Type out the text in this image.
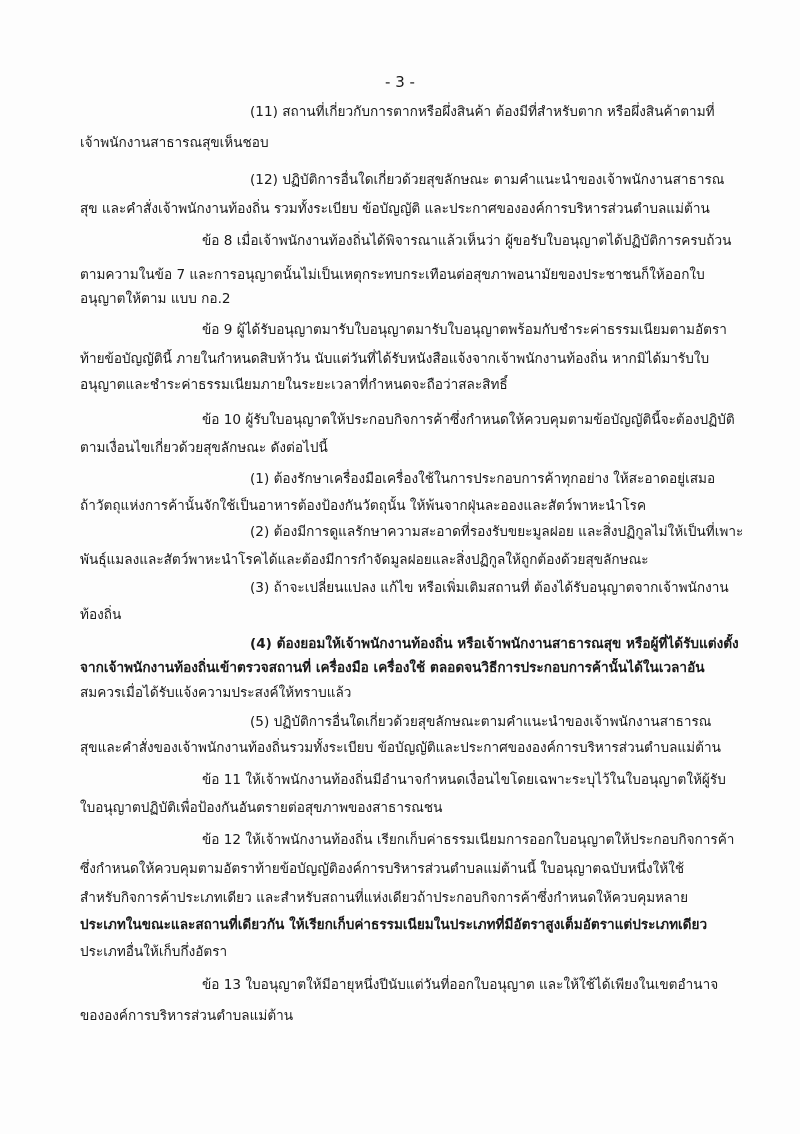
- 3 -
(11) สถานที่เกี่ยวกับการตากหรือผึ่งสินค้า ต้องมีที่สำหรับตาก หรือผึ่งสินค้าตามที่
เจ้าพนักงานสาธารณสุขเห็นชอบ
(12) ปฏิบัติการอื่นใดเกี่ยวด้วยสุขลักษณะ ตามคำแนะนำของเจ้าพนักงานสาธารณ
สุข และคำสั่งเจ้าพนักงานท้องถิ่น รวมทั้งระเบียบ ข้อบัญญัติ และประกาศขององค์การบริหารส่วนตำบลแม่ต้าน
ข้อ 8 เมื่อเจ้าพนักงานท้องถิ่นได้พิจารณาแล้วเห็นว่า ผู้ขอรับใบอนุญาตได้ปฏิบัติการครบถ้วน
ตามความในข้อ 7 และการอนุญาตนั้นไม่เป็นเหตุกระทบกระเทือนต่อสุขภาพอนามัยของประชาชนก็ให้ออกใบ
อนุญาตให้ตาม แบบ กอ.2
ข้อ 9 ผู้ได้รับอนุญาตมารับใบอนุญาตมารับใบอนุญาตพร้อมกับชำระค่าธรรมเนียมตามอัตรา
ท้ายข้อบัญญัตินี้ ภายในกำหนดสิบห้าวัน นับแต่วันที่ได้รับหนังสือแจ้งจากเจ้าพนักงานท้องถิ่น หากมิได้มารับใบ
อนุญาตและชำระค่าธรรมเนียมภายในระยะเวลาที่กำหนดจะถือว่าสละสิทธิ์
ข้อ 10 ผู้รับใบอนุญาตให้ประกอบกิจการค้าซึ่งกำหนดให้ควบคุมตามข้อบัญญัตินี้จะต้องปฏิบัติ
ตามเงื่อนไขเกี่ยวด้วยสุขลักษณะ ดังต่อไปนี้
(1) ต้องรักษาเครื่องมือเครื่องใช้ในการประกอบการค้าทุกอย่าง ให้สะอาดอยู่เสมอ
ถ้าวัตถุแห่งการค้านั้นจักใช้เป็นอาหารต้องป้องกันวัตถุนั้น ให้พ้นจากฝุ่นละอองและสัตว์พาหะนำโรค
(2) ต้องมีการดูแลรักษาความสะอาดที่รองรับขยะมูลฝอย และสิ่งปฏิกูลไม่ให้เป็นที่เพาะ
พันธุ์แมลงและสัตว์พาหะนำโรคได้และต้องมีการกำจัดมูลฝอยและสิ่งปฏิกูลให้ถูกต้องด้วยสุขลักษณะ
(3) ถ้าจะเปลี่ยนแปลง แก้ไข หรือเพิ่มเติมสถานที่ ต้องได้รับอนุญาตจากเจ้าพนักงาน
ท้องถิ่น
(4) ต้องยอมให้เจ้าพนักงานท้องถิ่น หรือเจ้าพนักงานสาธารณสุข หรือผู้ที่ได้รับแต่งตั้ง
จากเจ้าพนักงานท้องถิ่นเข้าตรวจสถานที่ เครื่องมือ เครื่องใช้ ตลอดจนวิธีการประกอบการค้านั้นได้ในเวลาอัน
สมควรเมื่อได้รับแจ้งความประสงค์ให้ทราบแล้ว
(5) ปฏิบัติการอื่นใดเกี่ยวด้วยสุขลักษณะตามคำแนะนำของเจ้าพนักงานสาธารณ
สุขและคำสั่งของเจ้าพนักงานท้องถิ่นรวมทั้งระเบียบ ข้อบัญญัติและประกาศขององค์การบริหารส่วนตำบลแม่ต้าน
ข้อ 11 ให้เจ้าพนักงานท้องถิ่นมีอำนาจกำหนดเงื่อนไขโดยเฉพาะระบุไว้ในใบอนุญาตให้ผู้รับ
ใบอนุญาตปฏิบัติเพื่อป้องกันอันตรายต่อสุขภาพของสาธารณชน
ข้อ 12 ให้เจ้าพนักงานท้องถิ่น เรียกเก็บค่าธรรมเนียมการออกใบอนุญาตให้ประกอบกิจการค้า
ซึ่งกำหนดให้ควบคุมตามอัตราท้ายข้อบัญญัติองค์การบริหารส่วนตำบลแม่ต้านนี้ ใบอนุญาตฉบับหนึ่งให้ใช้
สำหรับกิจการค้าประเภทเดียว และสำหรับสถานที่แห่งเดียวถ้าประกอบกิจการค้าซึ่งกำหนดให้ควบคุมหลาย
ประเภทในขณะและสถานที่เดียวกัน ให้เรียกเก็บค่าธรรมเนียมในประเภทที่มีอัตราสูงเต็มอัตราแต่ประเภทเดียว
ประเภทอื่นให้เก็บกึ่งอัตรา
ข้อ 13 ใบอนุญาตให้มีอายุหนึ่งปีนับแต่วันที่ออกใบอนุญาต และให้ใช้ได้เพียงในเขตอำนาจ
ขององค์การบริหารส่วนตำบลแม่ต้าน
